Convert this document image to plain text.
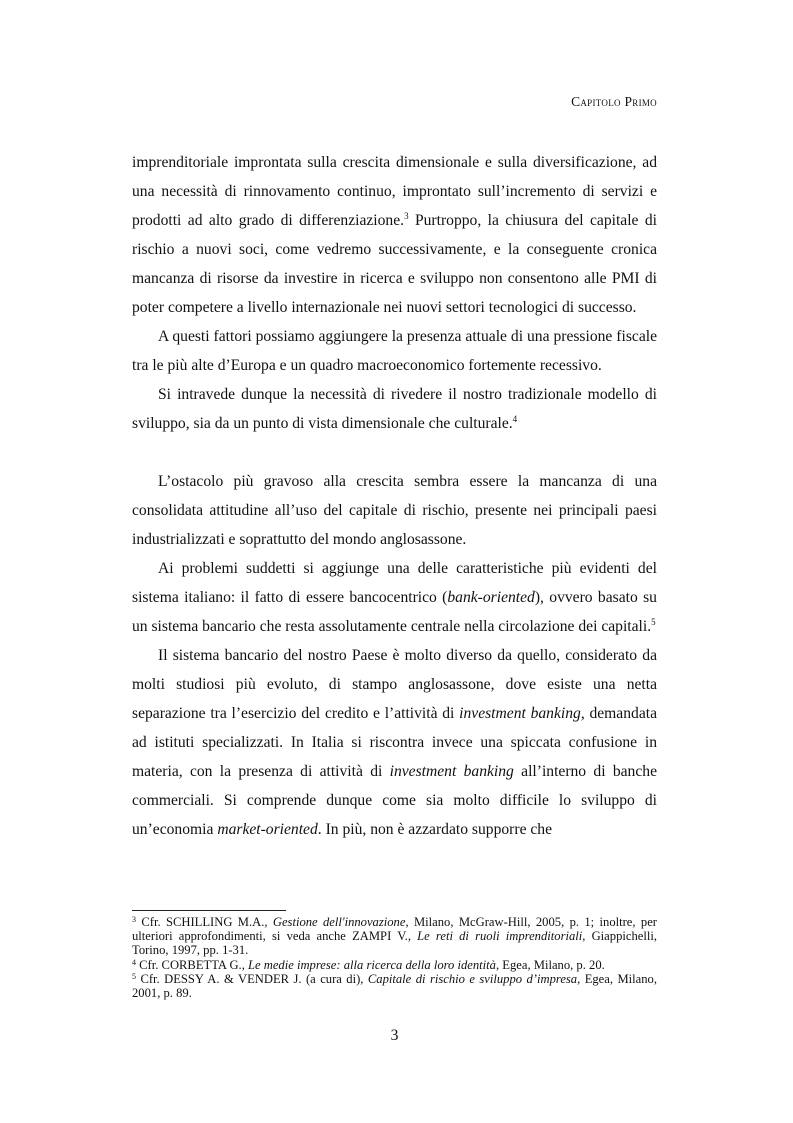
Capitolo Primo

imprenditoriale improntata sulla crescita dimensionale e sulla diversificazione, ad una necessità di rinnovamento continuo, improntato sull’incremento di servizi e prodotti ad alto grado di differenziazione.$^3$ Purtroppo, la chiusura del capitale di rischio a nuovi soci, come vedremo successivamente, e la conseguente cronica mancanza di risorse da investire in ricerca e sviluppo non consentono alle PMI di poter competere a livello internazionale nei nuovi settori tecnologici di successo.

A questi fattori possiamo aggiungere la presenza attuale di una pressione fiscale tra le più alte d’Europa e un quadro macroeconomico fortemente recessivo.

Si intravede dunque la necessità di rivedere il nostro tradizionale modello di sviluppo, sia da un punto di vista dimensionale che culturale.$^4$

L’ostacolo più gravoso alla crescita sembra essere la mancanza di una consolidata attitudine all’uso del capitale di rischio, presente nei principali paesi industrializzati e soprattutto del mondo anglosassone.

Ai problemi suddetti si aggiunge una delle caratteristiche più evidenti del sistema italiano: il fatto di essere bancocentrico (bank-oriented), ovvero basato su un sistema bancario che resta assolutamente centrale nella circolazione dei capitali.$^5$

Il sistema bancario del nostro Paese è molto diverso da quello, considerato da molti studiosi più evoluto, di stampo anglosassone, dove esiste una netta separazione tra l’esercizio del credito e l’attività di investment banking, demandata ad istituti specializzati. In Italia si riscontra invece una spiccata confusione in materia, con la presenza di attività di investment banking all’interno di banche commerciali. Si comprende dunque come sia molto difficile lo sviluppo di un’economia market-oriented. In più, non è azzardato supporre che

$^3$ Cfr. SCHILLING M.A., Gestione dell'innovazione, Milano, McGraw-Hill, 2005, p. 1; inoltre, per ulteriori approfondimenti, si veda anche ZAMPI V., Le reti di ruoli imprenditoriali, Giappichelli, Torino, 1997, pp. 1-31.

$^4$ Cfr. CORBETTA G., Le medie imprese: alla ricerca della loro identità, Egea, Milano, p. 20.

$^5$ Cfr. DESSY A. & VENDER J. (a cura di), Capitale di rischio e sviluppo d’impresa, Egea, Milano, 2001, p. 89.

3
